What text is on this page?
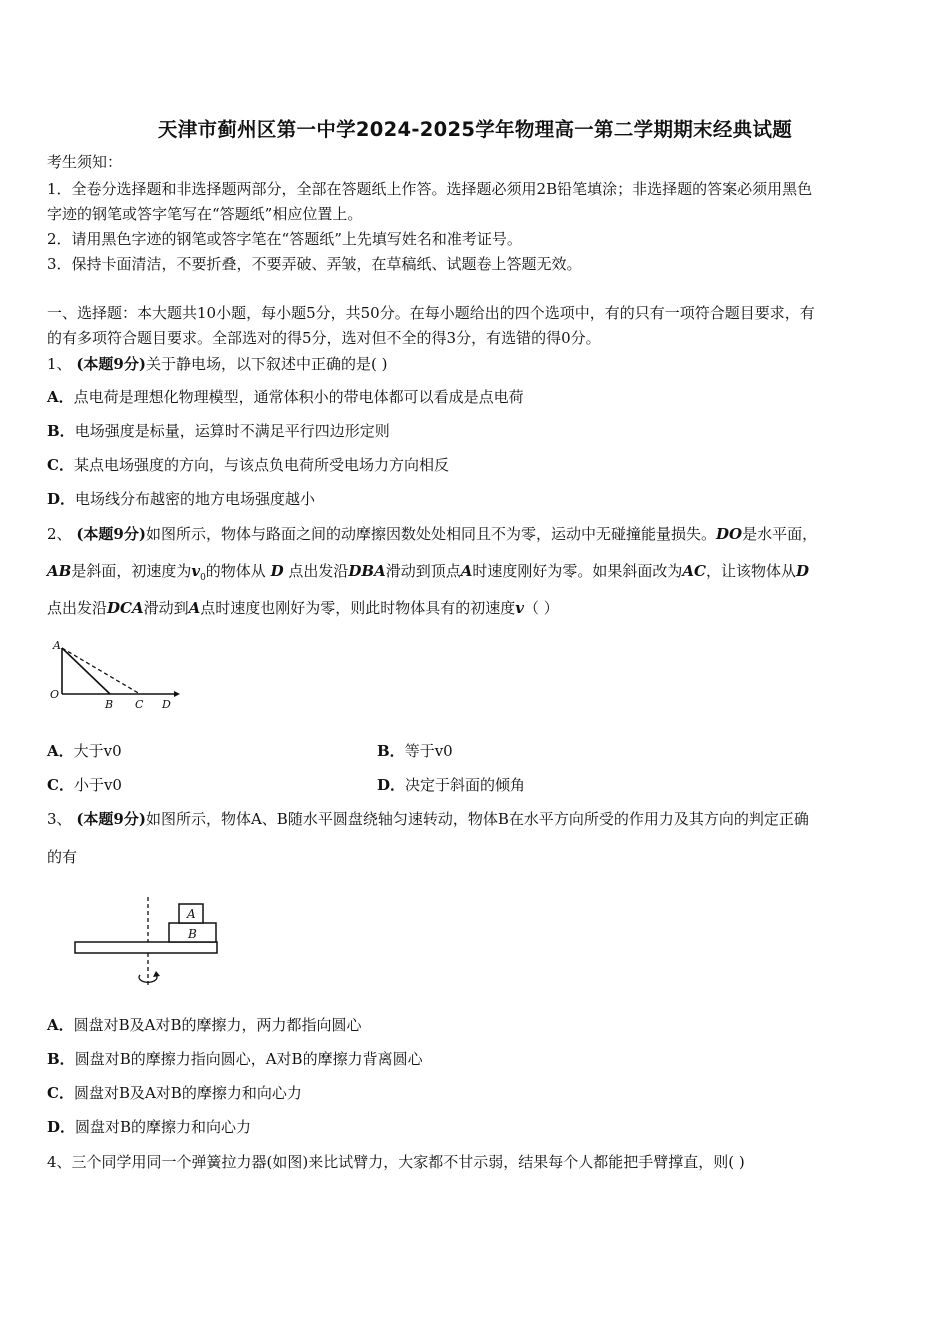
天津市蓟州区第一中学2024-2025学年物理高一第二学期期末经典试题
考生须知：
1．全卷分选择题和非选择题两部分，全部在答题纸上作答。选择题必须用2B铅笔填涂；非选择题的答案必须用黑色
字迹的钢笔或答字笔写在“答题纸”相应位置上。
2．请用黑色字迹的钢笔或答字笔在“答题纸”上先填写姓名和准考证号。
3．保持卡面清洁，不要折叠，不要弄破、弄皱，在草稿纸、试题卷上答题无效。
一、选择题：本大题共10小题，每小题5分，共50分。在每小题给出的四个选项中，有的只有一项符合题目要求，有
的有多项符合题目要求。全部选对的得5分，选对但不全的得3分，有选错的得0分。
1、 (本题9分)关于静电场，以下叙述中正确的是( )
A．点电荷是理想化物理模型，通常体积小的带电体都可以看成是点电荷
B．电场强度是标量，运算时不满足平行四边形定则
C．某点电场强度的方向，与该点负电荷所受电场力方向相反
D．电场线分布越密的地方电场强度越小
2、 (本题9分)如图所示，物体与路面之间的动摩擦因数处处相同且不为零，运动中无碰撞能量损失。DO是水平面，
AB是斜面，初速度为$v_0$的物体从 D 点出发沿DBA滑动到顶点A时速度刚好为零。如果斜面改为AC，让该物体从D
点出发沿DCA滑动到A点时速度也刚好为零，则此时物体具有的初速度v（ ）
A
O
B C D
A．大于v0	B．等于v0
C．小于v0	D．决定于斜面的倾角
3、 (本题9分)如图所示，物体A、B随水平圆盘绕轴匀速转动，物体B在水平方向所受的作用力及其方向的判定正确
的有
A
B
A．圆盘对B及A对B的摩擦力，两力都指向圆心
B．圆盘对B的摩擦力指向圆心，A对B的摩擦力背离圆心
C．圆盘对B及A对B的摩擦力和向心力
D．圆盘对B的摩擦力和向心力
4、三个同学用同一个弹簧拉力器(如图)来比试臂力，大家都不甘示弱，结果每个人都能把手臂撑直，则( )
